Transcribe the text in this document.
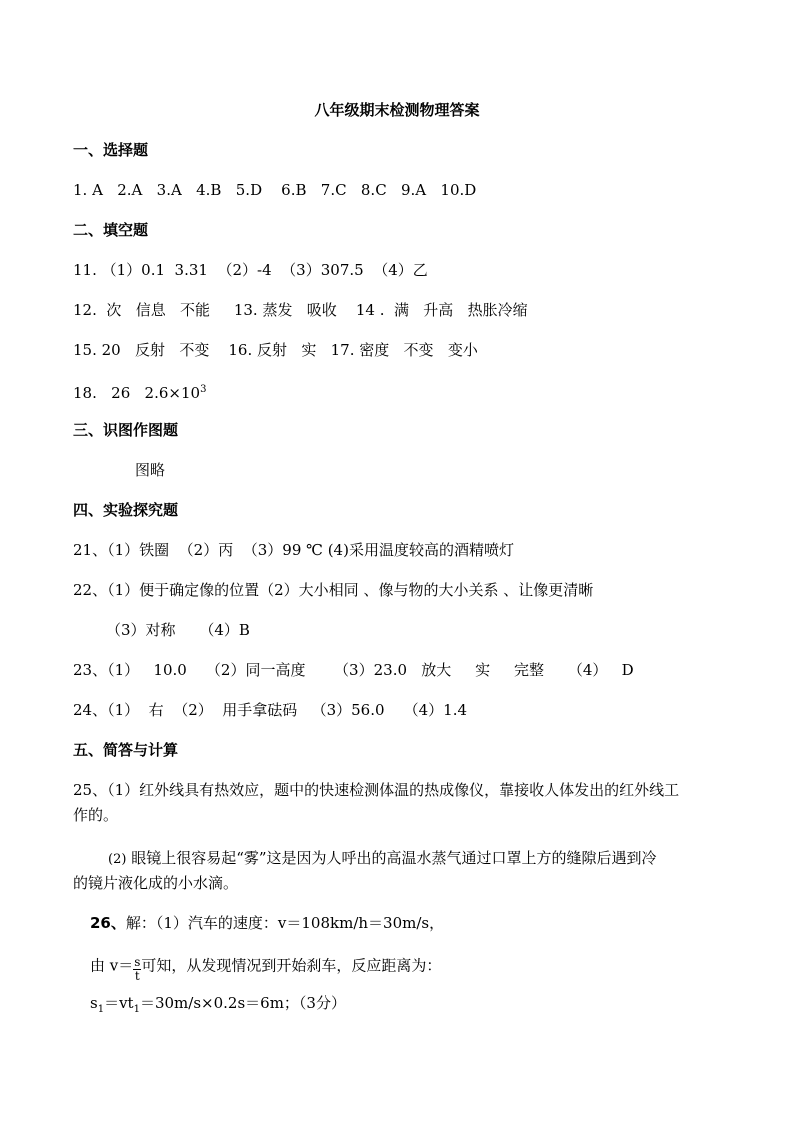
八年级期末检测物理答案
一、选择题
1. A   2.A   3.A   4.B   5.D    6.B   7.C   8.C   9.A   10.D
二、填空题
11. （1）0.1  3.31  （2）-4  （3）307.5  （4）乙
12.  次   信息   不能     13. 蒸发   吸收    14 .  满   升高   热胀冷缩
15. 20   反射   不变    16. 反射   实   17. 密度   不变   变小
18.   26   $2.6\times 10^3$
三、识图作图题
图略
四、实验探究题
21、（1）铁圈  （2）丙  （3）99 ℃ (4)采用温度较高的酒精喷灯
22、（1）便于确定像的位置（2）大小相同 、像与物的大小关系 、让像更清晰
（3）对称     （4）B
23、（1）   10.0    （2）同一高度      （3）23.0   放大     实     完整     （4）   D
24、（1）  右  （2）  用手拿砝码   （3）56.0    （4）1.4
五、简答与计算
25、（1）红外线具有热效应，题中的快速检测体温的热成像仪，靠接收人体发出的红外线工
作的。
(2) 眼镜上很容易起“雾”这是因为人呼出的高温水蒸气通过口罩上方的缝隙后遇到冷
的镜片液化成的小水滴。
26、解：（1）汽车的速度：v＝108km/h＝30m/s，
由 $v= \frac{s}{t}$ 可知，从发现情况到开始刹车，反应距离为：
$s_1=vt_1=30m/s\times 0.2s=6m$；（3分）
